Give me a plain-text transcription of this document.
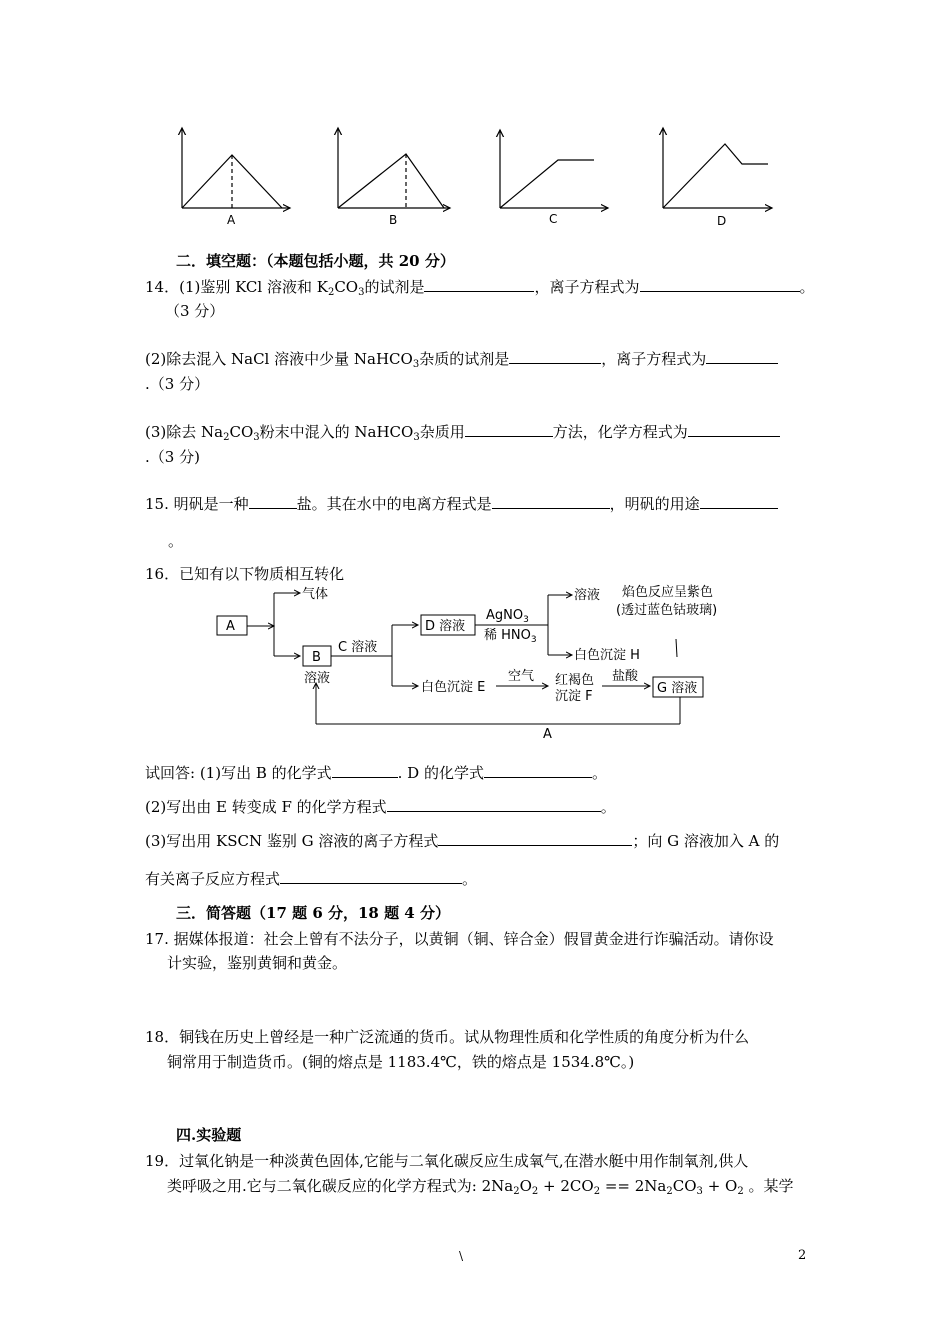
A	B	C	D
二．填空题：（本题包括小题，共 20 分）
14．(1)鉴别 KCl 溶液和 $K_2CO_3$的试剂是	，离子方程式为	。
（3 分）
(2)除去混入 NaCl 溶液中少量 NaHCO$_3$杂质的试剂是	，离子方程式为
.（3 分）
(3)除去 $Na_2CO_3$粉末中混入的 NaHCO$_3$杂质用	方法，化学方程式为
.（3 分)
15. 明矾是一种	盐。其在水中的电离方程式是	，明矾的用途
。
16．已知有以下物质相互转化
A
气体
B
溶液
C 溶液
D 溶液
AgNO$_3$
稀 $HNO_3$
溶液 焰色反应呈紫色
(透过蓝色钴玻璃)
白色沉淀 H
白色沉淀 E
空气 红褐色
沉淀 F
盐酸
G 溶液
A
试回答: (1)写出 B 的化学式	. D 的化学式	。
(2)写出由 E 转变成 F 的化学方程式	。
(3)写出用 KSCN 鉴别 G 溶液的离子方程式	；向 G 溶液加入 A 的
有关离子反应方程式	。
三．简答题（17 题 6 分，18 题 4 分）
17. 据媒体报道：社会上曾有不法分子，以黄铜（铜、锌合金）假冒黄金进行诈骗活动。请你设
计实验，鉴别黄铜和黄金。
18．铜钱在历史上曾经是一种广泛流通的货币。试从物理性质和化学性质的角度分析为什么
铜常用于制造货币。(铜的熔点是 1183.4℃，铁的熔点是 1534.8℃。)
四.实验题
19．过氧化钠是一种淡黄色固体,它能与二氧化碳反应生成氧气,在潜水艇中用作制氧剂,供人
类呼吸之用.它与二氧化碳反应的化学方程式为: $2Na_2O_2 + 2CO_2 == 2Na_2CO_3 + O_2$ 。某学
\	2
